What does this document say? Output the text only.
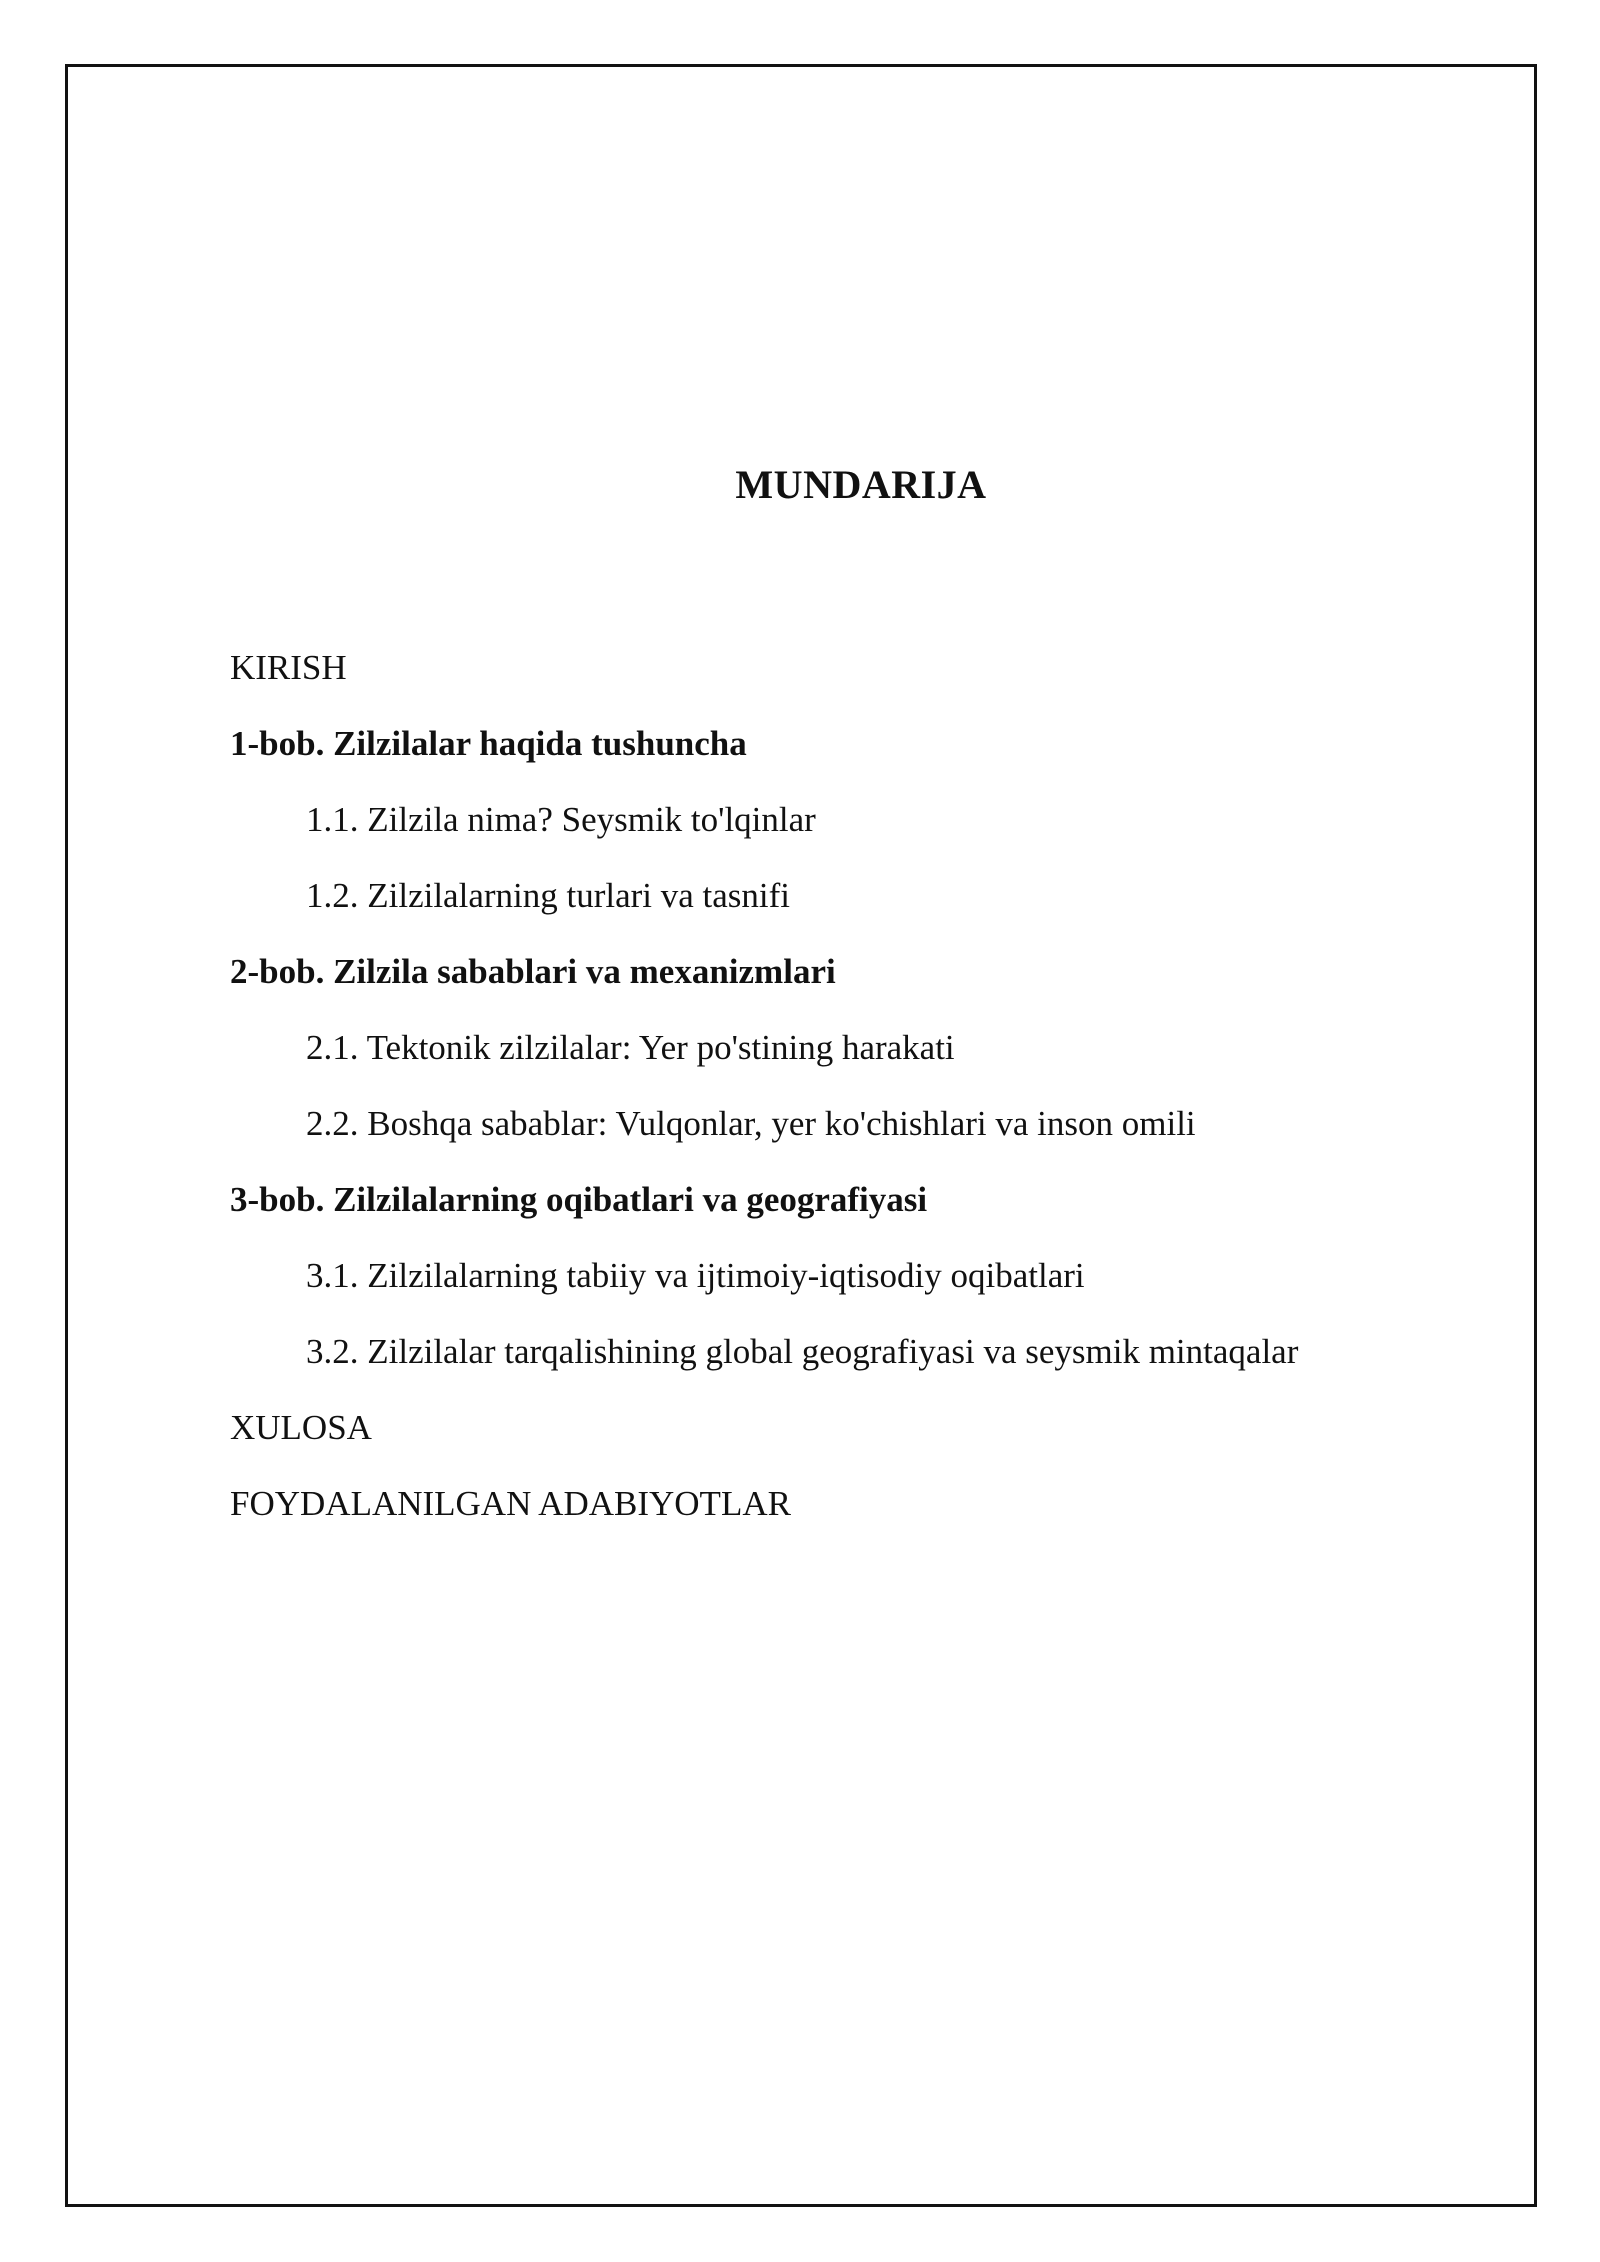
MUNDARIJA
KIRISH
1-bob. Zilzilalar haqida tushuncha
1.1. Zilzila nima? Seysmik to'lqinlar
1.2. Zilzilalarning turlari va tasnifi
2-bob. Zilzila sabablari va mexanizmlari
2.1. Tektonik zilzilalar: Yer po'stining harakati
2.2. Boshqa sabablar: Vulqonlar, yer ko'chishlari va inson omili
3-bob. Zilzilalarning oqibatlari va geografiyasi
3.1. Zilzilalarning tabiiy va ijtimoiy-iqtisodiy oqibatlari
3.2. Zilzilalar tarqalishining global geografiyasi va seysmik mintaqalar
XULOSA
FOYDALANILGAN ADABIYOTLAR
